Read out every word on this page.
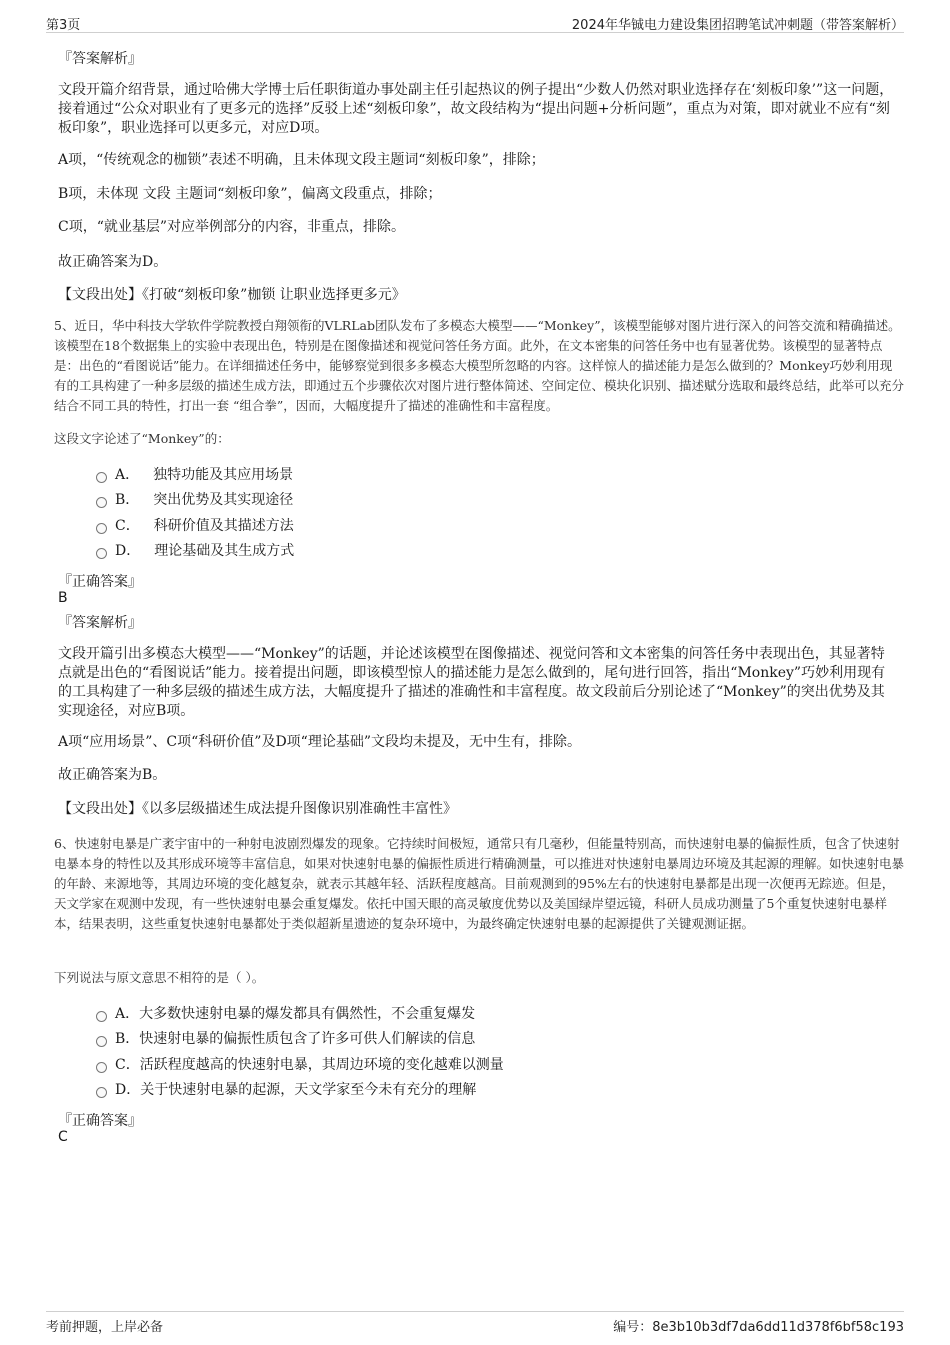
第3页	2024年华铖电力建设集团招聘笔试冲刺题（带答案解析）
『答案解析』
文段开篇介绍背景，通过哈佛大学博士后任职街道办事处副主任引起热议的例子提出“少数人仍然对职业选择存在‘刻板印象’”这一问题，接着通过“公众对职业有了更多元的选择”反驳上述“刻板印象”，故文段结构为“提出问题+分析问题”，重点为对策，即对就业不应有“刻板印象”，职业选择可以更多元，对应D项。
A项，“传统观念的枷锁”表述不明确，且未体现文段主题词“刻板印象”，排除；
B项，未体现 文段 主题词“刻板印象”，偏离文段重点，排除；
C项，“就业基层”对应举例部分的内容，非重点，排除。
故正确答案为D。
【文段出处】《打破“刻板印象”枷锁 让职业选择更多元》
5、近日，华中科技大学软件学院教授白翔领衔的VLRLab团队发布了多模态大模型——“Monkey”，该模型能够对图片进行深入的问答交流和精确描述。该模型在18个数据集上的实验中表现出色，特别是在图像描述和视觉问答任务方面。此外，在文本密集的问答任务中也有显著优势。该模型的显著特点是：出色的“看图说话”能力。在详细描述任务中，能够察觉到很多多模态大模型所忽略的内容。这样惊人的描述能力是怎么做到的？Monkey巧妙利用现有的工具构建了一种多层级的描述生成方法，即通过五个步骤依次对图片进行整体简述、空间定位、模块化识别、描述赋分选取和最终总结，此举可以充分结合不同工具的特性，打出一套 “组合拳”，因而，大幅度提升了描述的准确性和丰富程度。
这段文字论述了“Monkey”的：
A． 独特功能及其应用场景
B． 突出优势及其实现途径
C． 科研价值及其描述方法
D． 理论基础及其生成方式
『正确答案』
B
『答案解析』
文段开篇引出多模态大模型——“Monkey”的话题，并论述该模型在图像描述、视觉问答和文本密集的问答任务中表现出色，其显著特点就是出色的“看图说话”能力。接着提出问题，即该模型惊人的描述能力是怎么做到的，尾句进行回答，指出“Monkey”巧妙利用现有的工具构建了一种多层级的描述生成方法，大幅度提升了描述的准确性和丰富程度。故文段前后分别论述了“Monkey”的突出优势及其实现途径，对应B项。
A项“应用场景”、C项“科研价值”及D项“理论基础”文段均未提及，无中生有，排除。
故正确答案为B。
【文段出处】《以多层级描述生成法提升图像识别准确性丰富性》
6、快速射电暴是广袤宇宙中的一种射电波剧烈爆发的现象。它持续时间极短，通常只有几毫秒，但能量特别高，而快速射电暴的偏振性质，包含了快速射电暴本身的特性以及其形成环境等丰富信息，如果对快速射电暴的偏振性质进行精确测量，可以推进对快速射电暴周边环境及其起源的理解。如快速射电暴的年龄、来源地等，其周边环境的变化越复杂，就表示其越年轻、活跃程度越高。目前观测到的95%左右的快速射电暴都是出现一次便再无踪迹。但是，天文学家在观测中发现，有一些快速射电暴会重复爆发。依托中国天眼的高灵敏度优势以及美国绿岸望远镜，科研人员成功测量了5个重复快速射电暴样本，结果表明，这些重复快速射电暴都处于类似超新星遗迹的复杂环境中，为最终确定快速射电暴的起源提供了关键观测证据。
下列说法与原文意思不相符的是（ ）。
A． 大多数快速射电暴的爆发都具有偶然性，不会重复爆发
B． 快速射电暴的偏振性质包含了许多可供人们解读的信息
C． 活跃程度越高的快速射电暴，其周边环境的变化越难以测量
D． 关于快速射电暴的起源，天文学家至今未有充分的理解
『正确答案』
C
考前押题，上岸必备	编号：8e3b10b3df7da6dd11d378f6bf58c193
